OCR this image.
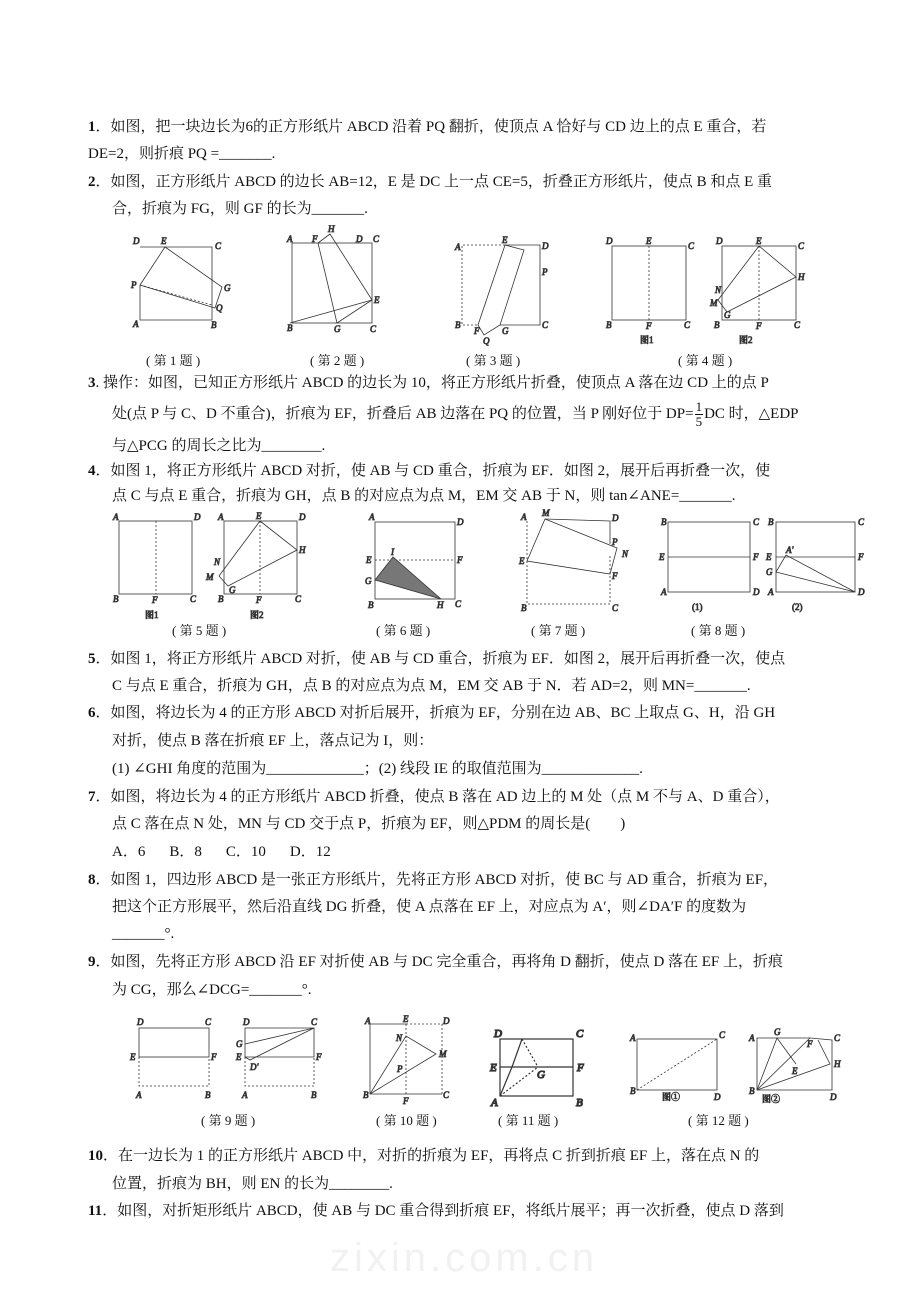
zixin.com.cn
1．如图，把一块边长为6的正方形纸片 ABCD 沿着 PQ 翻折，使顶点 A 恰好与 CD 边上的点 E 重合，若
DE=2，则折痕 PQ =_______.
2．如图，正方形纸片 ABCD 的边长 AB=12，E 是 DC 上一点 CE=5，折叠正方形纸片，使点 B 和点 E 重
合，折痕为 FG，则 GF 的长为_______.
3. 操作：如图，已知正方形纸片 ABCD 的边长为 10，将正方形纸片折叠，使顶点 A 落在边 CD 上的点 P
处(点 P 与 C、D 不重合)，折痕为 EF，折叠后 AB 边落在 PQ 的位置，当 P 刚好位于 $DP= \frac{1}{5}$ DC 时，△EDP
与△PCG 的周长之比为________.
4．如图 1，将正方形纸片 ABCD 对折，使 AB 与 CD 重合，折痕为 EF．如图 2，展开后再折叠一次，使
点 C 与点 E 重合，折痕为 GH，点 B 的对应点为点 M，EM 交 AB 于 N，则 tan∠ANE=_______.
5．如图 1，将正方形纸片 ABCD 对折，使 AB 与 CD 重合，折痕为 EF．如图 2，展开后再折叠一次，使点
C 与点 E 重合，折痕为 GH，点 B 的对应点为点 M，EM 交 AB 于 N．若 AD=2，则 MN=_______.
6．如图，将边长为 4 的正方形 ABCD 对折后展开，折痕为 EF，分别在边 AB、BC 上取点 G、H，沿 GH
对折，使点 B 落在折痕 EF 上，落点记为 I，则：
(1) ∠GHI 角度的范围为_____________；(2) 线段 IE 的取值范围为_____________.
7．如图，将边长为 4 的正方形纸片 ABCD 折叠，使点 B 落在 AD 边上的 M 处（点 M 不与 A、D 重合），
点 C 落在点 N 处，MN 与 CD 交于点 P，折痕为 EF，则△PDM 的周长是(　　)
A．6 B．8 C．10 D．12
8．如图 1，四边形 ABCD 是一张正方形纸片，先将正方形 ABCD 对折，使 BC 与 AD 重合，折痕为 EF，
把这个正方形展平，然后沿直线 DG 折叠，使 A 点落在 EF 上，对应点为 A′，则∠DA′F 的度数为
_______°.
9．如图，先将正方形 ABCD 沿 EF 对折使 AB 与 DC 完全重合，再将角 D 翻折，使点 D 落在 EF 上，折痕
为 CG，那么∠DCG=_______°.
10．在一边长为 1 的正方形纸片 ABCD 中，对折的折痕为 EF，再将点 C 折到折痕 EF 上，落在点 N 的
位置，折痕为 BH，则 EN 的长为________.
11．如图，对折矩形纸片 ABCD，使 AB 与 DC 重合得到折痕 EF，将纸片展平；再一次折叠，使点 D 落到
( 第 1 题 )	( 第 2 题 )	( 第 3 题 )	( 第 4 题 )
( 第 5 题 )	( 第 6 题 )	( 第 7 题 )	( 第 8 题 )
( 第 9 题 )	( 第 10 题 )	( 第 11 题 )	( 第 12 题 )
D E	C
P	G
Q
A	B
A F
H
D C
E
B	G	C
A
E
D
P
B
F
Q
G
C
D	E	C
B	F	C
图1
D	E	C
H
N
M
G
B	F	C
图2
A	D
B	F	C
图1
A	E	D
H
N
M
G
B	F	C
图2
A	D
E
I
F
G
B	H C
A M	D
P
N
E
F
B	C
B	C
E	F
A	D
(1)
B	C
A'
E	F
G
A	D
(2)
D	C
E	F
A	B
D	C
G
E
D'
F
A	B
A	E	D
N
M
P
B
F
C
D	C
E	F
G
A	B
A	C
B
D
图①
A
G
F
C
E
H
B
D
图②
